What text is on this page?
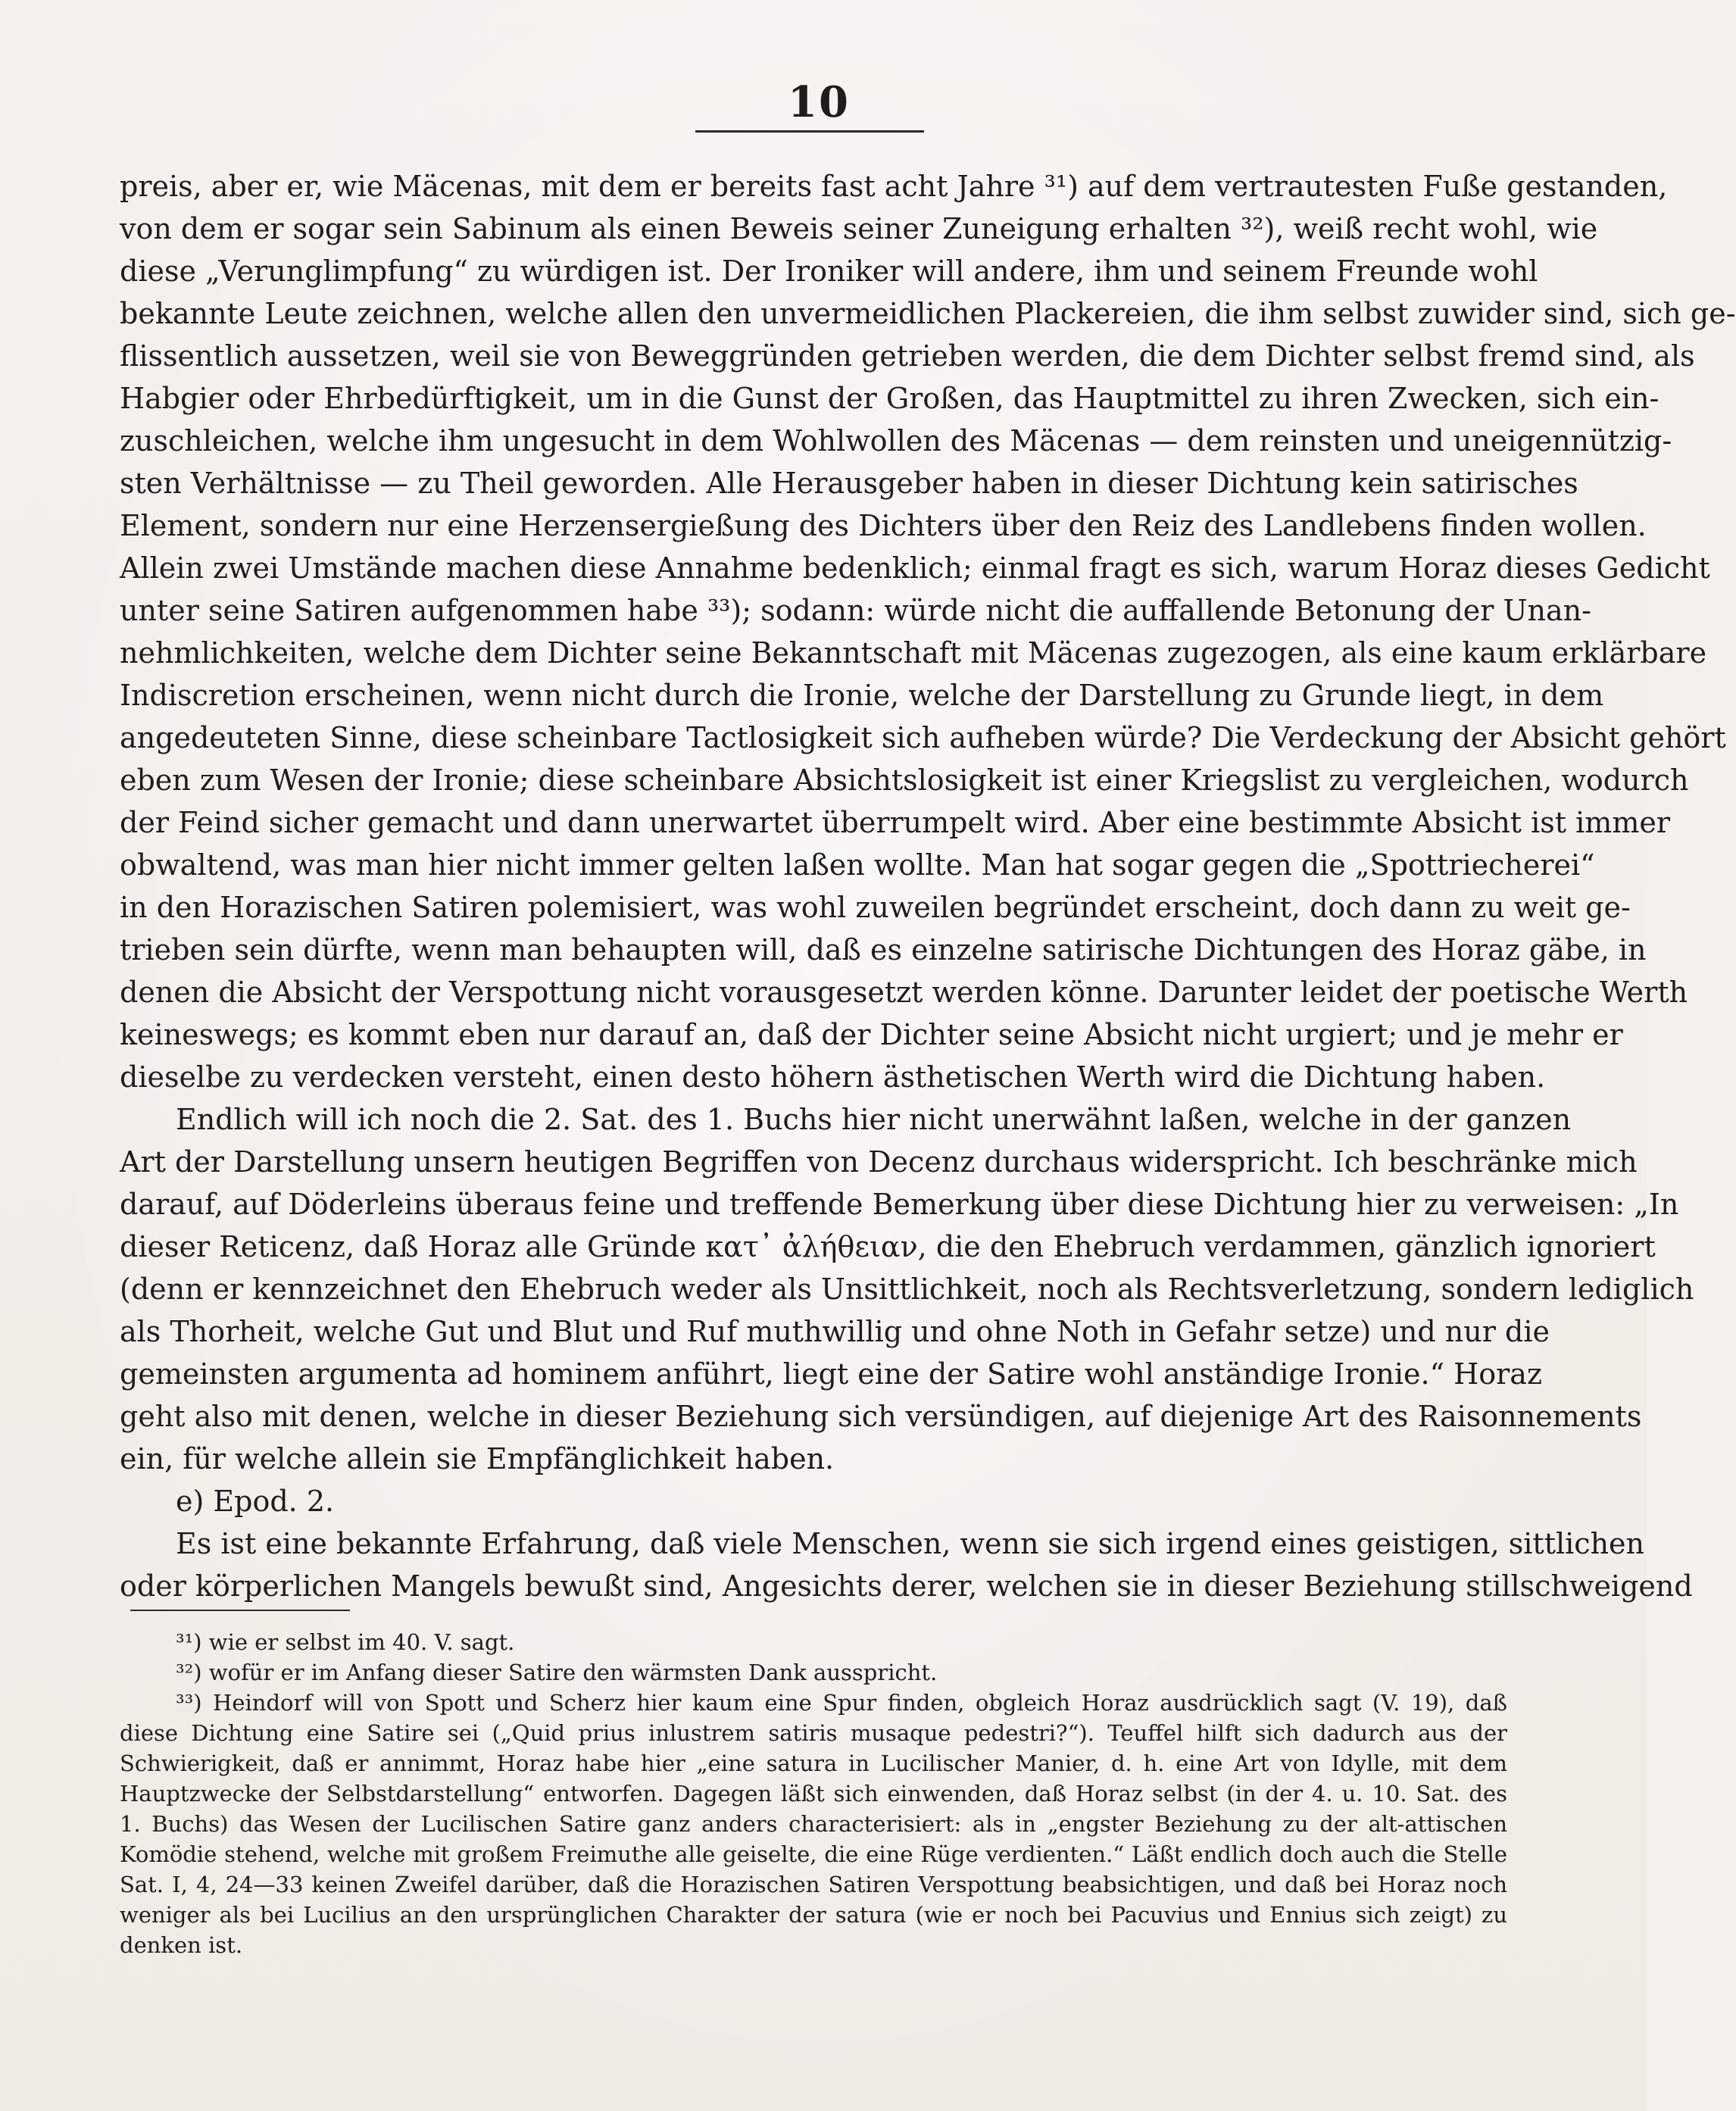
10
preis, aber er, wie Mäcenas, mit dem er bereits fast acht Jahre ³¹) auf dem vertrautesten Fuße gestanden,
von dem er sogar sein Sabinum als einen Beweis seiner Zuneigung erhalten ³²), weiß recht wohl, wie
diese „Verunglimpfung“ zu würdigen ist. Der Ironiker will andere, ihm und seinem Freunde wohl
bekannte Leute zeichnen, welche allen den unvermeidlichen Plackereien, die ihm selbst zuwider sind, sich ge-
flissentlich aussetzen, weil sie von Beweggründen getrieben werden, die dem Dichter selbst fremd sind, als
Habgier oder Ehrbedürftigkeit, um in die Gunst der Großen, das Hauptmittel zu ihren Zwecken, sich ein-
zuschleichen, welche ihm ungesucht in dem Wohlwollen des Mäcenas — dem reinsten und uneigennützig-
sten Verhältnisse — zu Theil geworden. Alle Herausgeber haben in dieser Dichtung kein satirisches
Element, sondern nur eine Herzensergießung des Dichters über den Reiz des Landlebens finden wollen.
Allein zwei Umstände machen diese Annahme bedenklich; einmal fragt es sich, warum Horaz dieses Gedicht
unter seine Satiren aufgenommen habe ³³); sodann: würde nicht die auffallende Betonung der Unan-
nehmlichkeiten, welche dem Dichter seine Bekanntschaft mit Mäcenas zugezogen, als eine kaum erklärbare
Indiscretion erscheinen, wenn nicht durch die Ironie, welche der Darstellung zu Grunde liegt, in dem
angedeuteten Sinne, diese scheinbare Tactlosigkeit sich aufheben würde? Die Verdeckung der Absicht gehört
eben zum Wesen der Ironie; diese scheinbare Absichtslosigkeit ist einer Kriegslist zu vergleichen, wodurch
der Feind sicher gemacht und dann unerwartet überrumpelt wird. Aber eine bestimmte Absicht ist immer
obwaltend, was man hier nicht immer gelten laßen wollte. Man hat sogar gegen die „Spottriecherei“
in den Horazischen Satiren polemisiert, was wohl zuweilen begründet erscheint, doch dann zu weit ge-
trieben sein dürfte, wenn man behaupten will, daß es einzelne satirische Dichtungen des Horaz gäbe, in
denen die Absicht der Verspottung nicht vorausgesetzt werden könne. Darunter leidet der poetische Werth
keineswegs; es kommt eben nur darauf an, daß der Dichter seine Absicht nicht urgiert; und je mehr er
dieselbe zu verdecken versteht, einen desto höhern ästhetischen Werth wird die Dichtung haben.
Endlich will ich noch die 2. Sat. des 1. Buchs hier nicht unerwähnt laßen, welche in der ganzen
Art der Darstellung unsern heutigen Begriffen von Decenz durchaus widerspricht. Ich beschränke mich
darauf, auf Döderleins überaus feine und treffende Bemerkung über diese Dichtung hier zu verweisen: „In
dieser Reticenz, daß Horaz alle Gründe κατ᾽ ἀλήθειαν, die den Ehebruch verdammen, gänzlich ignoriert
(denn er kennzeichnet den Ehebruch weder als Unsittlichkeit, noch als Rechtsverletzung, sondern lediglich
als Thorheit, welche Gut und Blut und Ruf muthwillig und ohne Noth in Gefahr setze) und nur die
gemeinsten argumenta ad hominem anführt, liegt eine der Satire wohl anständige Ironie.“ Horaz
geht also mit denen, welche in dieser Beziehung sich versündigen, auf diejenige Art des Raisonnements
ein, für welche allein sie Empfänglichkeit haben.
e) Epod. 2.
Es ist eine bekannte Erfahrung, daß viele Menschen, wenn sie sich irgend eines geistigen, sittlichen
oder körperlichen Mangels bewußt sind, Angesichts derer, welchen sie in dieser Beziehung stillschweigend
³¹) wie er selbst im 40. V. sagt.
³²) wofür er im Anfang dieser Satire den wärmsten Dank ausspricht.
³³) Heindorf will von Spott und Scherz hier kaum eine Spur finden, obgleich Horaz ausdrücklich sagt (V. 19), daß
diese Dichtung eine Satire sei („Quid prius inlustrem satiris musaque pedestri?“). Teuffel hilft sich dadurch aus der
Schwierigkeit, daß er annimmt, Horaz habe hier „eine satura in Lucilischer Manier, d. h. eine Art von Idylle, mit dem
Hauptzwecke der Selbstdarstellung“ entworfen. Dagegen läßt sich einwenden, daß Horaz selbst (in der 4. u. 10. Sat. des
1. Buchs) das Wesen der Lucilischen Satire ganz anders characterisiert: als in „engster Beziehung zu der alt-attischen
Komödie stehend, welche mit großem Freimuthe alle geiselte, die eine Rüge verdienten.“ Läßt endlich doch auch die Stelle
Sat. I, 4, 24—33 keinen Zweifel darüber, daß die Horazischen Satiren Verspottung beabsichtigen, und daß bei Horaz noch
weniger als bei Lucilius an den ursprünglichen Charakter der satura (wie er noch bei Pacuvius und Ennius sich zeigt) zu
denken ist.
